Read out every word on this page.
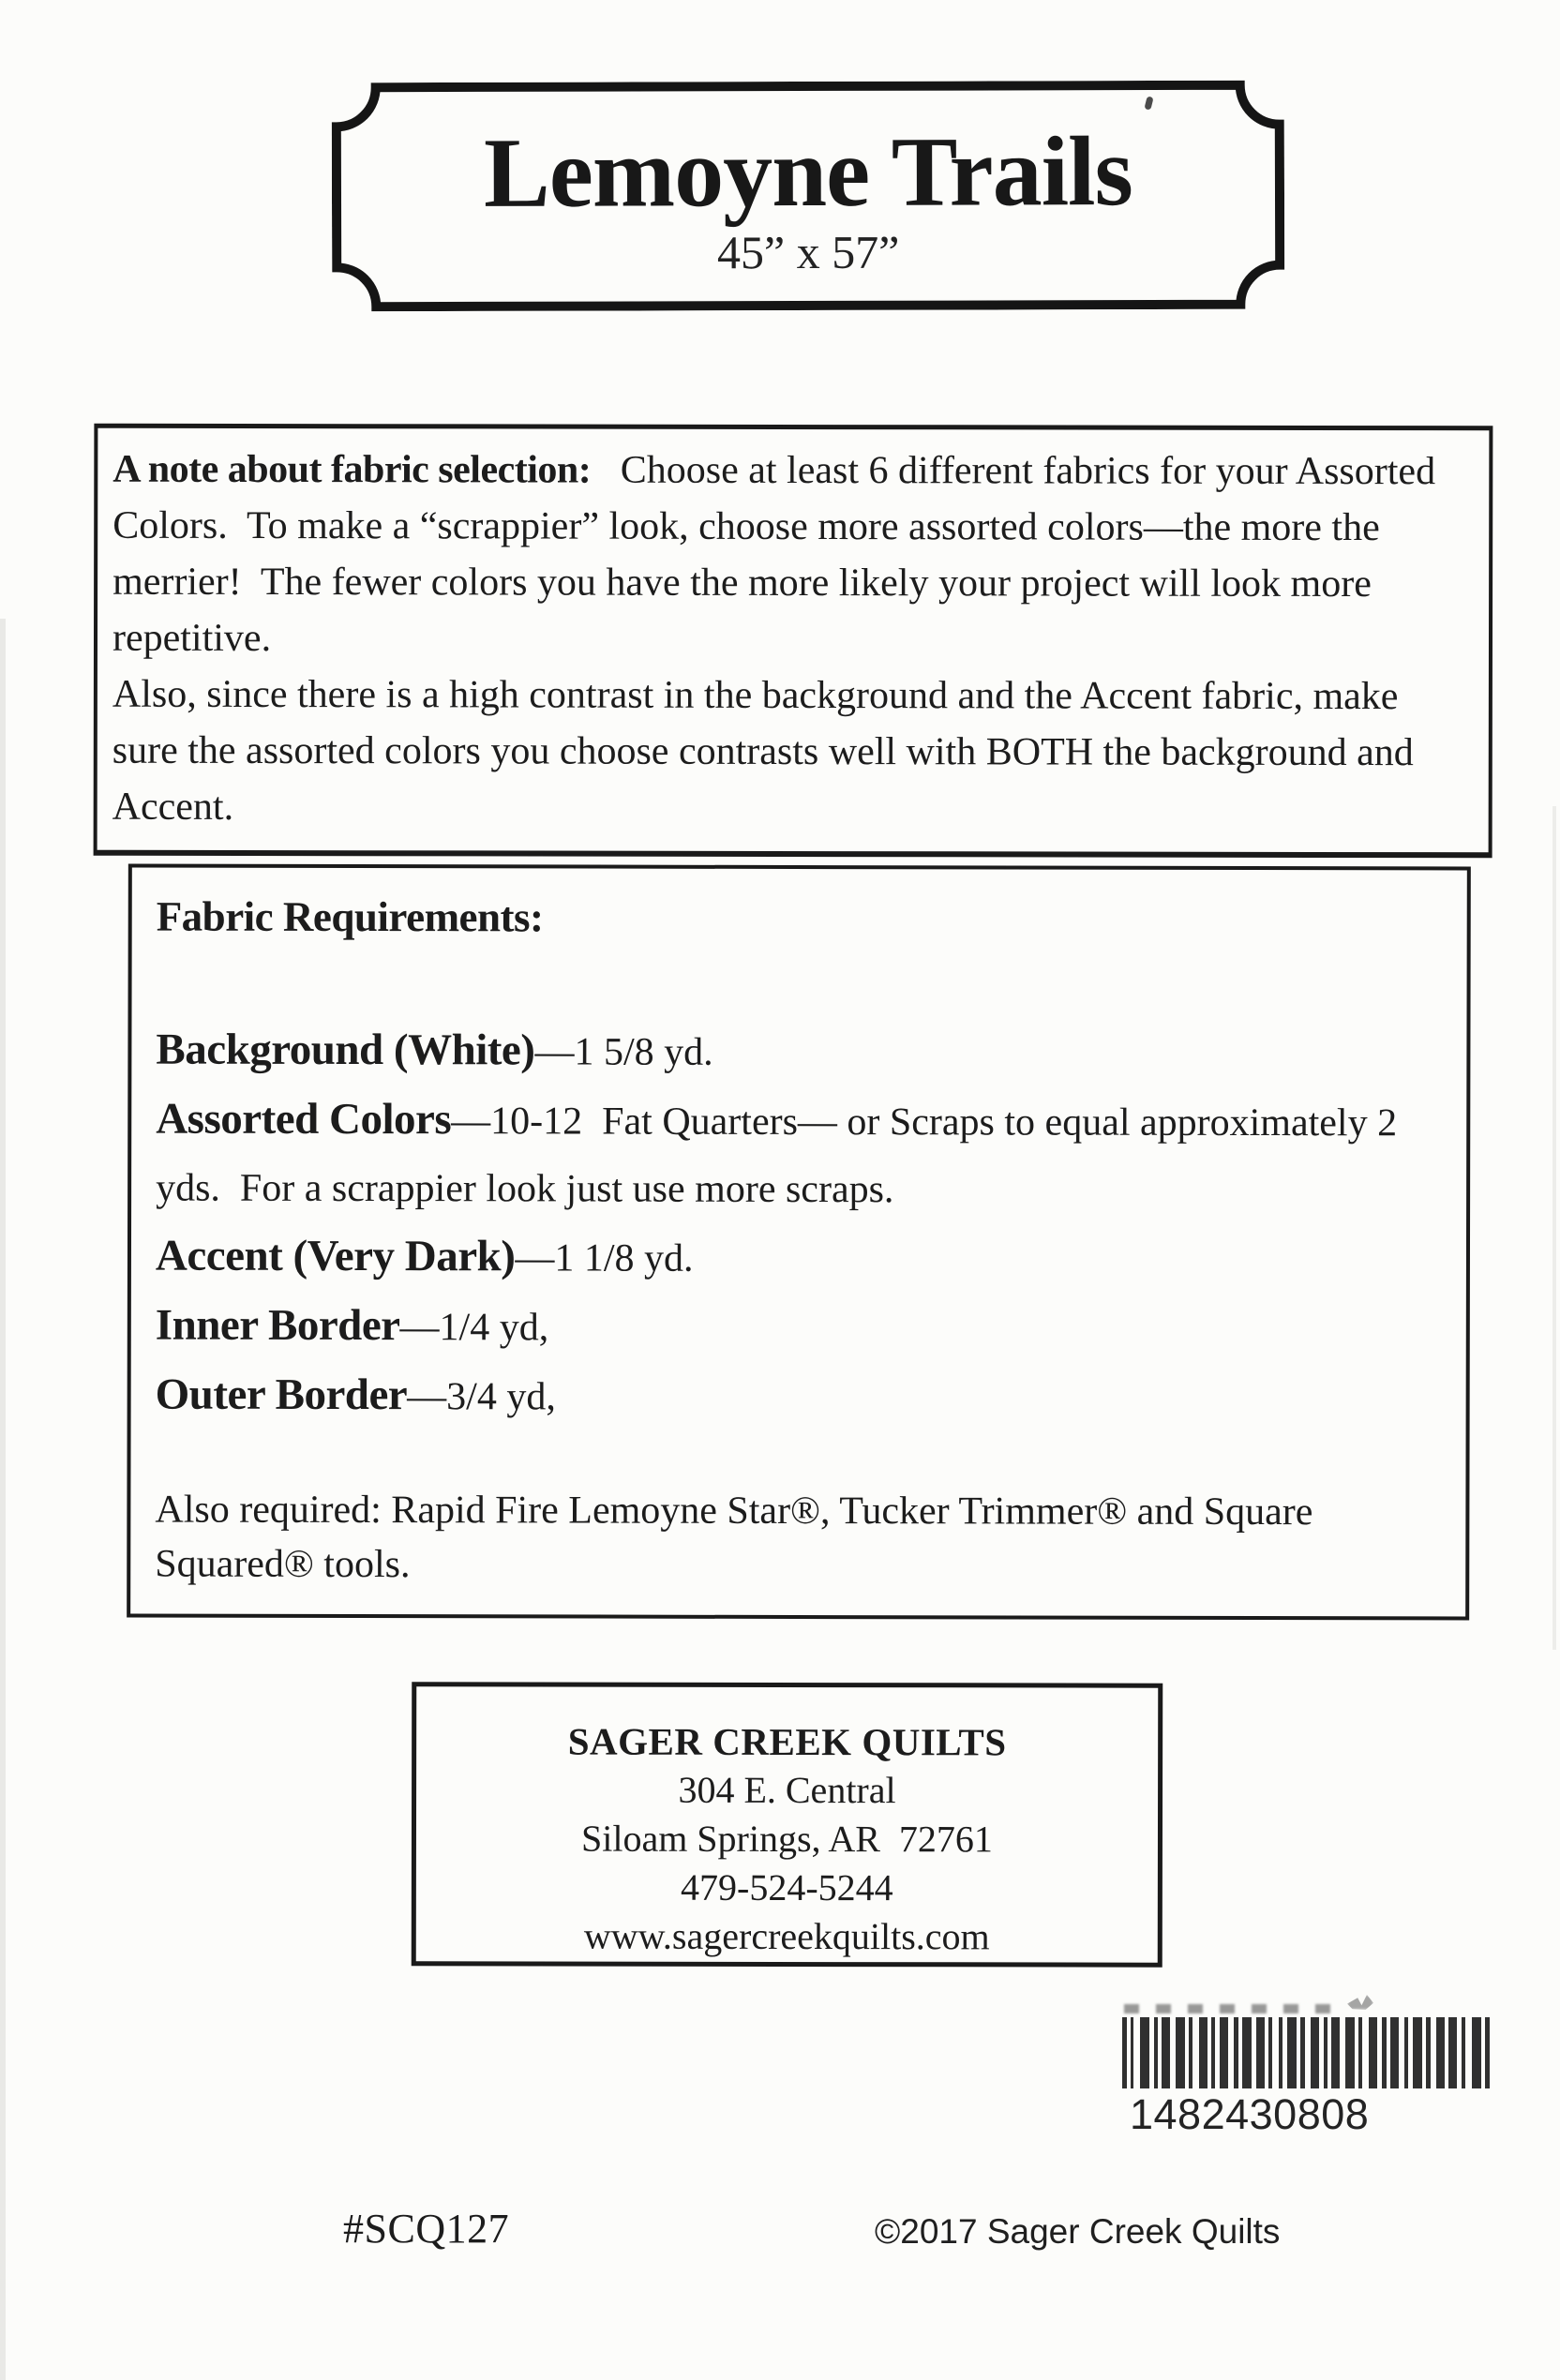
Lemoyne Trails
45” x 57”
A note about fabric selection:   Choose at least 6 different fabrics for your Assorted Colors.  To make a “scrappier” look, choose more assorted colors—the more the merrier!  The fewer colors you have the more likely your project will look more repetitive.
Also, since there is a high contrast in the background and the Accent fabric, make sure the assorted colors you choose contrasts well with BOTH the background and Accent.

Fabric Requirements:

Background (White)—1 5/8 yd.
Assorted Colors—10-12  Fat Quarters— or Scraps to equal approximately 2 yds.  For a scrappier look just use more scraps.
Accent (Very Dark)—1 1/8 yd.
Inner Border—1/4 yd,
Outer Border—3/4 yd,
Also required: Rapid Fire Lemoyne Star®, Tucker Trimmer® and Square Squared® tools.
SAGER CREEK QUILTS
304 E. Central
Siloam Springs, AR  72761
479-524-5244
www.sagercreekquilts.com
1482430808
#SCQ127	©2017 Sager Creek Quilts
